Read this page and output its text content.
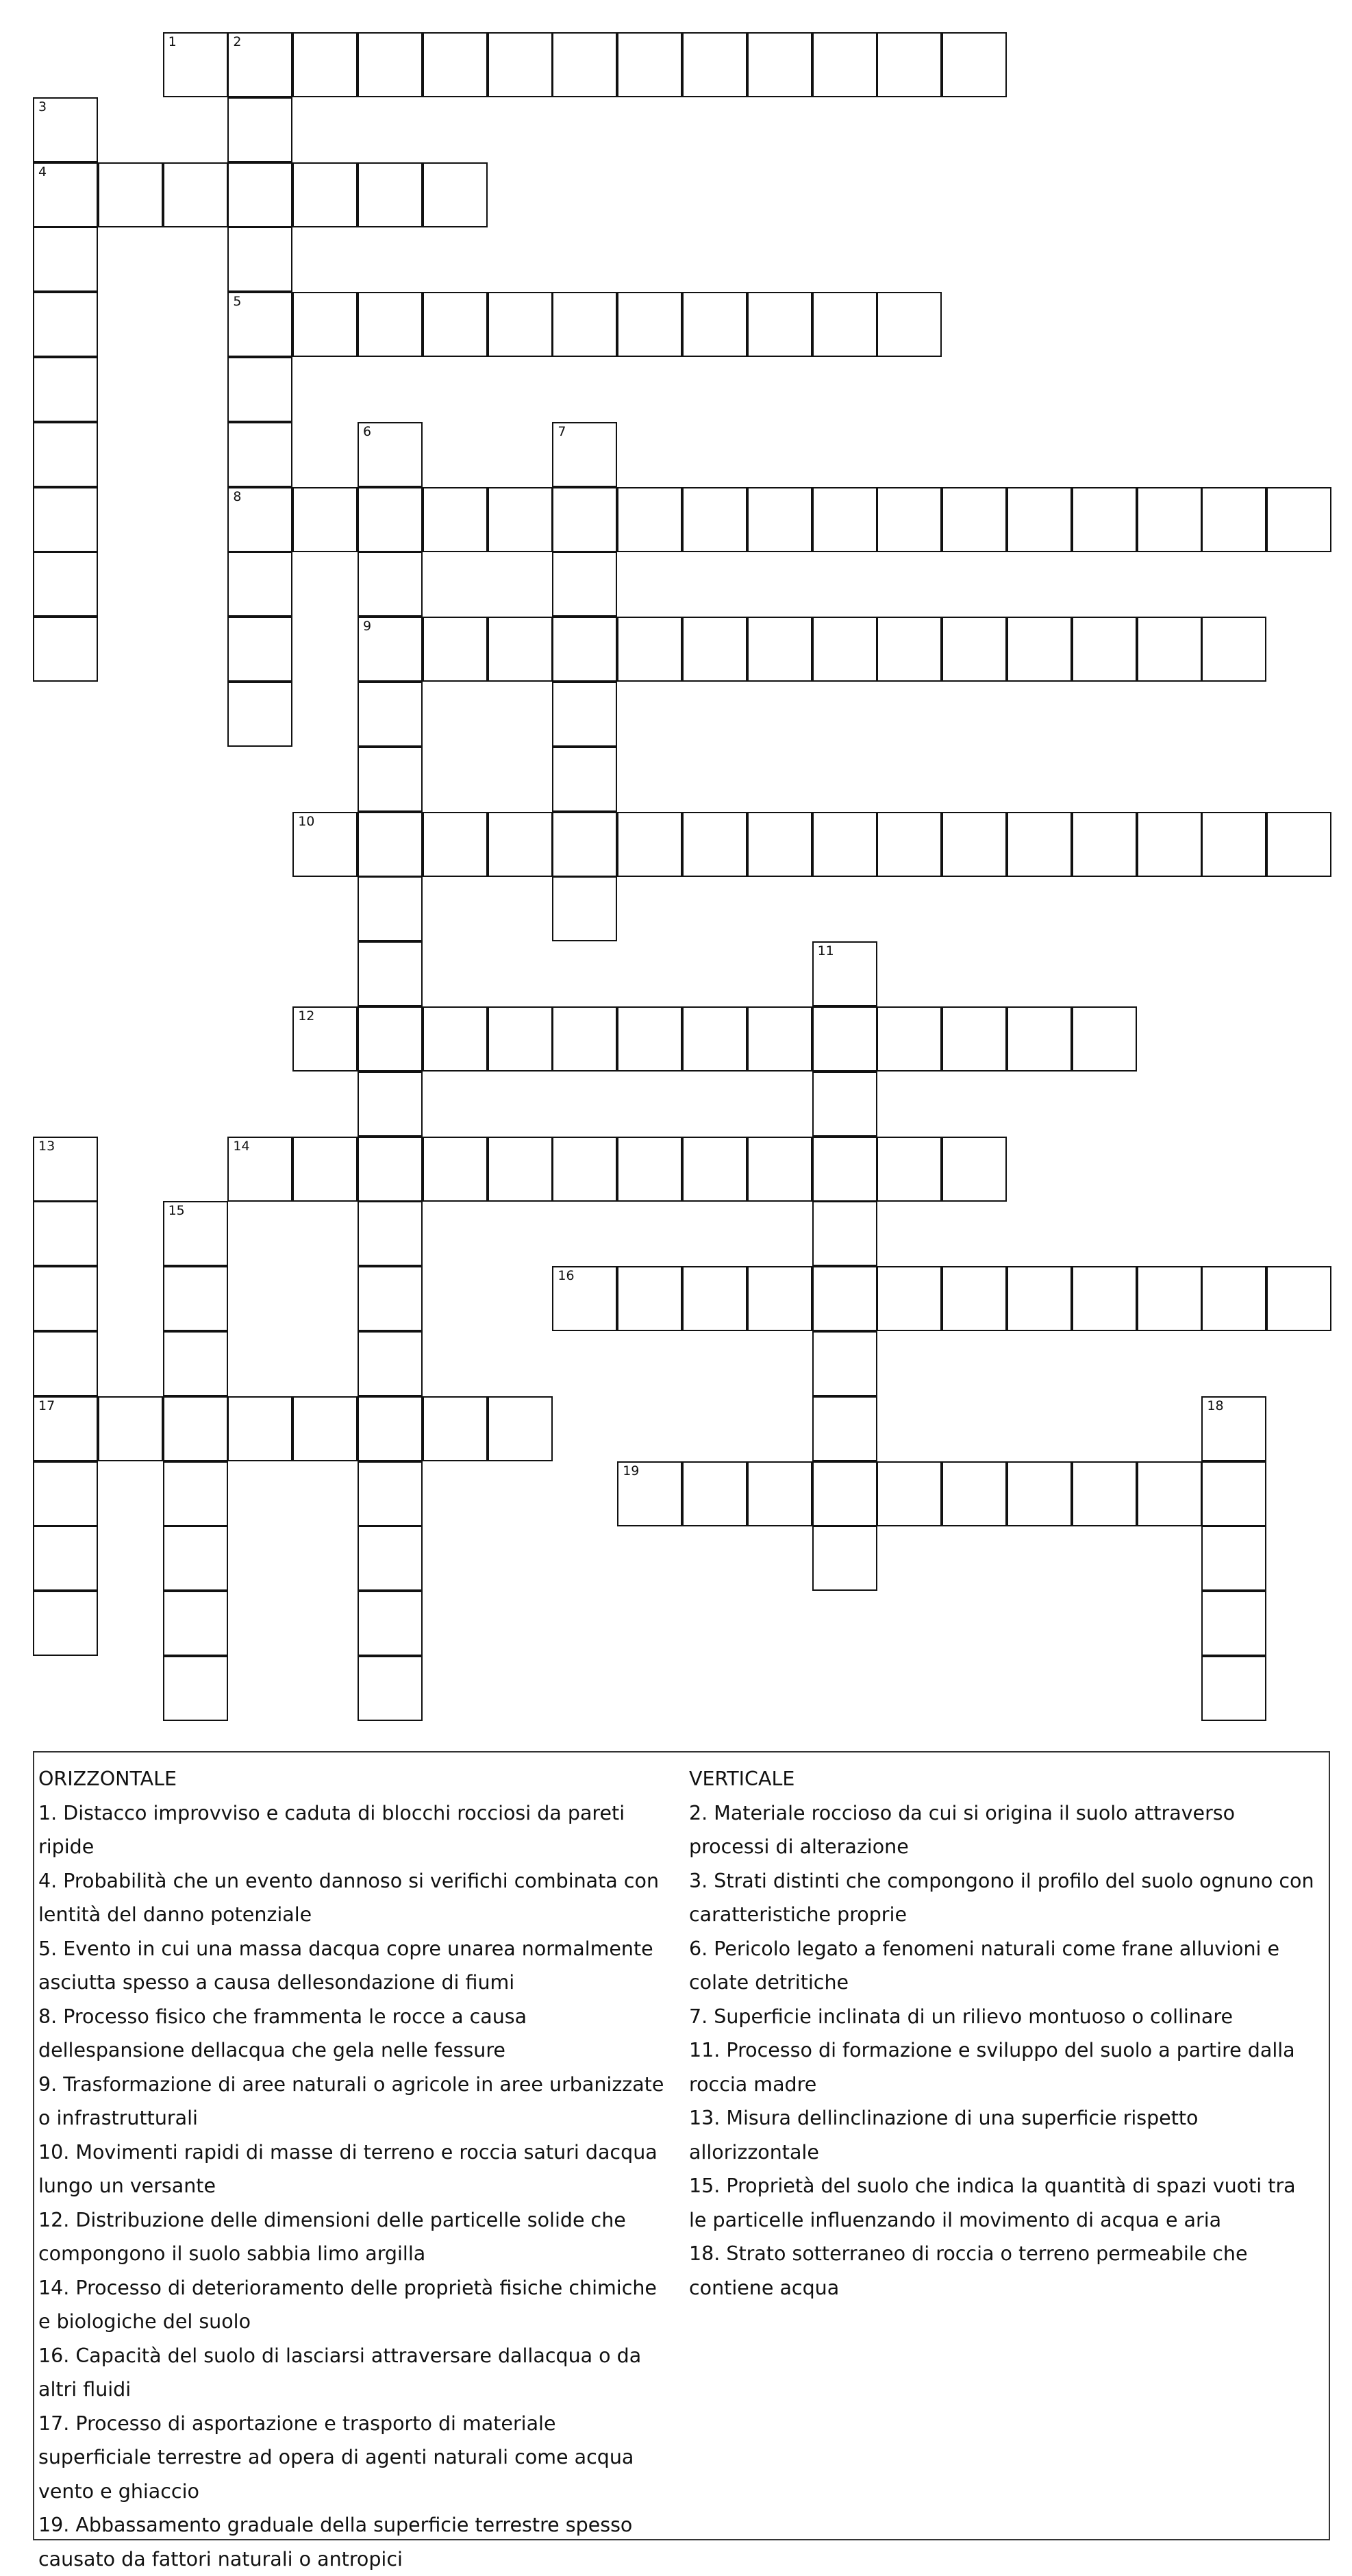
1	2
4
5
8
9
10
12
14
16
17
19
3
6	7
11
13
15
18
ORIZZONTALE

1. Distacco improvviso e caduta di blocchi rocciosi da pareti ripide

4. Probabilità che un evento dannoso si verifichi combinata con lentità del danno potenziale

5. Evento in cui una massa dacqua copre unarea normalmente asciutta spesso a causa dellesondazione di fiumi

8. Processo fisico che frammenta le rocce a causa dellespansione dellacqua che gela nelle fessure

9. Trasformazione di aree naturali o agricole in aree urbanizzate o infrastrutturali

10. Movimenti rapidi di masse di terreno e roccia saturi dacqua lungo un versante

12. Distribuzione delle dimensioni delle particelle solide che compongono il suolo sabbia limo argilla

14. Processo di deterioramento delle proprietà fisiche chimiche e biologiche del suolo

16. Capacità del suolo di lasciarsi attraversare dallacqua o da altri fluidi

17. Processo di asportazione e trasporto di materiale superficiale terrestre ad opera di agenti naturali come acqua vento e ghiaccio

19. Abbassamento graduale della superficie terrestre spesso causato da fattori naturali o antropici

VERTICALE

2. Materiale roccioso da cui si origina il suolo attraverso processi di alterazione

3. Strati distinti che compongono il profilo del suolo ognuno con caratteristiche proprie

6. Pericolo legato a fenomeni naturali come frane alluvioni e colate detritiche

7. Superficie inclinata di un rilievo montuoso o collinare

11. Processo di formazione e sviluppo del suolo a partire dalla roccia madre

13. Misura dellinclinazione di una superficie rispetto allorizzontale

15. Proprietà del suolo che indica la quantità di spazi vuoti tra le particelle influenzando il movimento di acqua e aria

18. Strato sotterraneo di roccia o terreno permeabile che contiene acqua
